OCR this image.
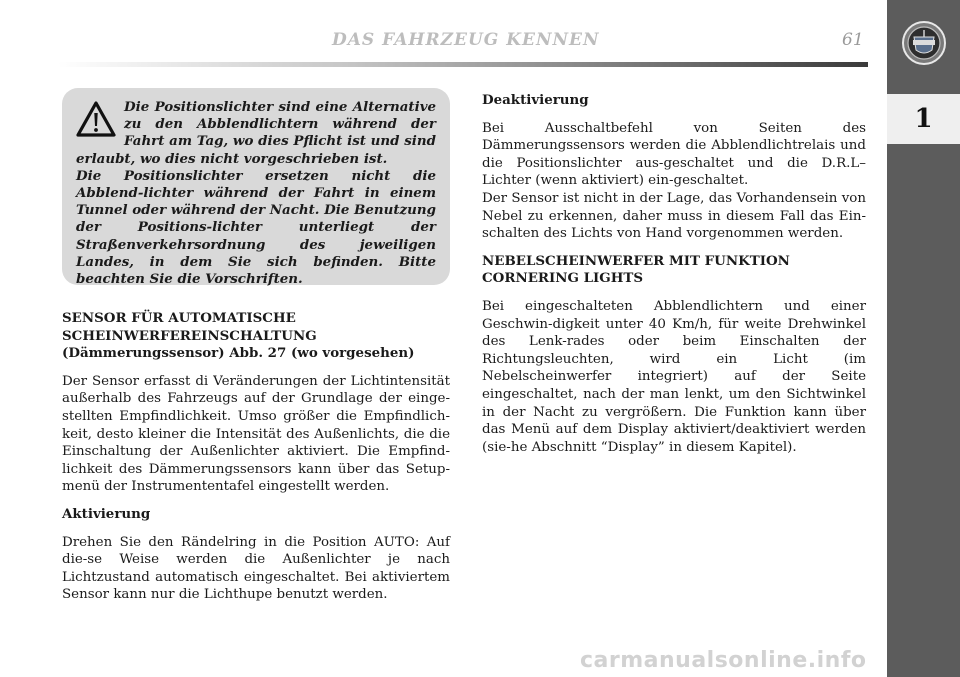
DAS FAHRZEUG KENNEN	61
1

Die Positionslichter sind eine Alternative zu den Abblendlichtern während der Fahrt am Tag, wo dies Pflicht ist und sind erlaubt, wo dies nicht vorgeschrieben ist.

Die Positionslichter ersetzen nicht die Abblend-lichter während der Fahrt in einem Tunnel oder während der Nacht. Die Benutzung der Positions-lichter unterliegt der Straßenverkehrsordnung des jeweiligen Landes, in dem Sie sich befinden. Bitte beachten Sie die Vorschriften.

SENSOR FÜR AUTOMATISCHE

SCHEINWERFEREINSCHALTUNG

(Dämmerungssensor) Abb. 27 (wo vorgesehen)

Der Sensor erfasst di Veränderungen der Lichtintensität außerhalb des Fahrzeugs auf der Grundlage der einge-stellten Empfindlichkeit. Umso größer die Empfindlich-keit, desto kleiner die Intensität des Außenlichts, die die Einschaltung der Außenlichter aktiviert. Die Empfind-lichkeit des Dämmerungssensors kann über das Setup-menü der Instrumententafel eingestellt werden.

Aktivierung

Drehen Sie den Rändelring in die Position AUTO: Auf die-se Weise werden die Außenlichter je nach Lichtzustand automatisch eingeschaltet. Bei aktiviertem Sensor kann nur die Lichthupe benutzt werden.

Deaktivierung

Bei Ausschaltbefehl von Seiten des Dämmerungssensors werden die Abblendlichtrelais und die Positionslichter aus-geschaltet und die D.R.L–Lichter (wenn aktiviert) ein-geschaltet.

Der Sensor ist nicht in der Lage, das Vorhandensein von Nebel zu erkennen, daher muss in diesem Fall das Ein-schalten des Lichts von Hand vorgenommen werden.

NEBELSCHEINWERFER MIT FUNKTION

CORNERING LIGHTS

Bei eingeschalteten Abblendlichtern und einer Geschwin-digkeit unter 40 Km/h, für weite Drehwinkel des Lenk-rades oder beim Einschalten der Richtungsleuchten, wird ein Licht (im Nebelscheinwerfer integriert) auf der Seite eingeschaltet, nach der man lenkt, um den Sichtwinkel in der Nacht zu vergrößern. Die Funktion kann über das Menü auf dem Display aktiviert/deaktiviert werden (sie-he Abschnitt “Display” in diesem Kapitel).

carmanualsonline.info
